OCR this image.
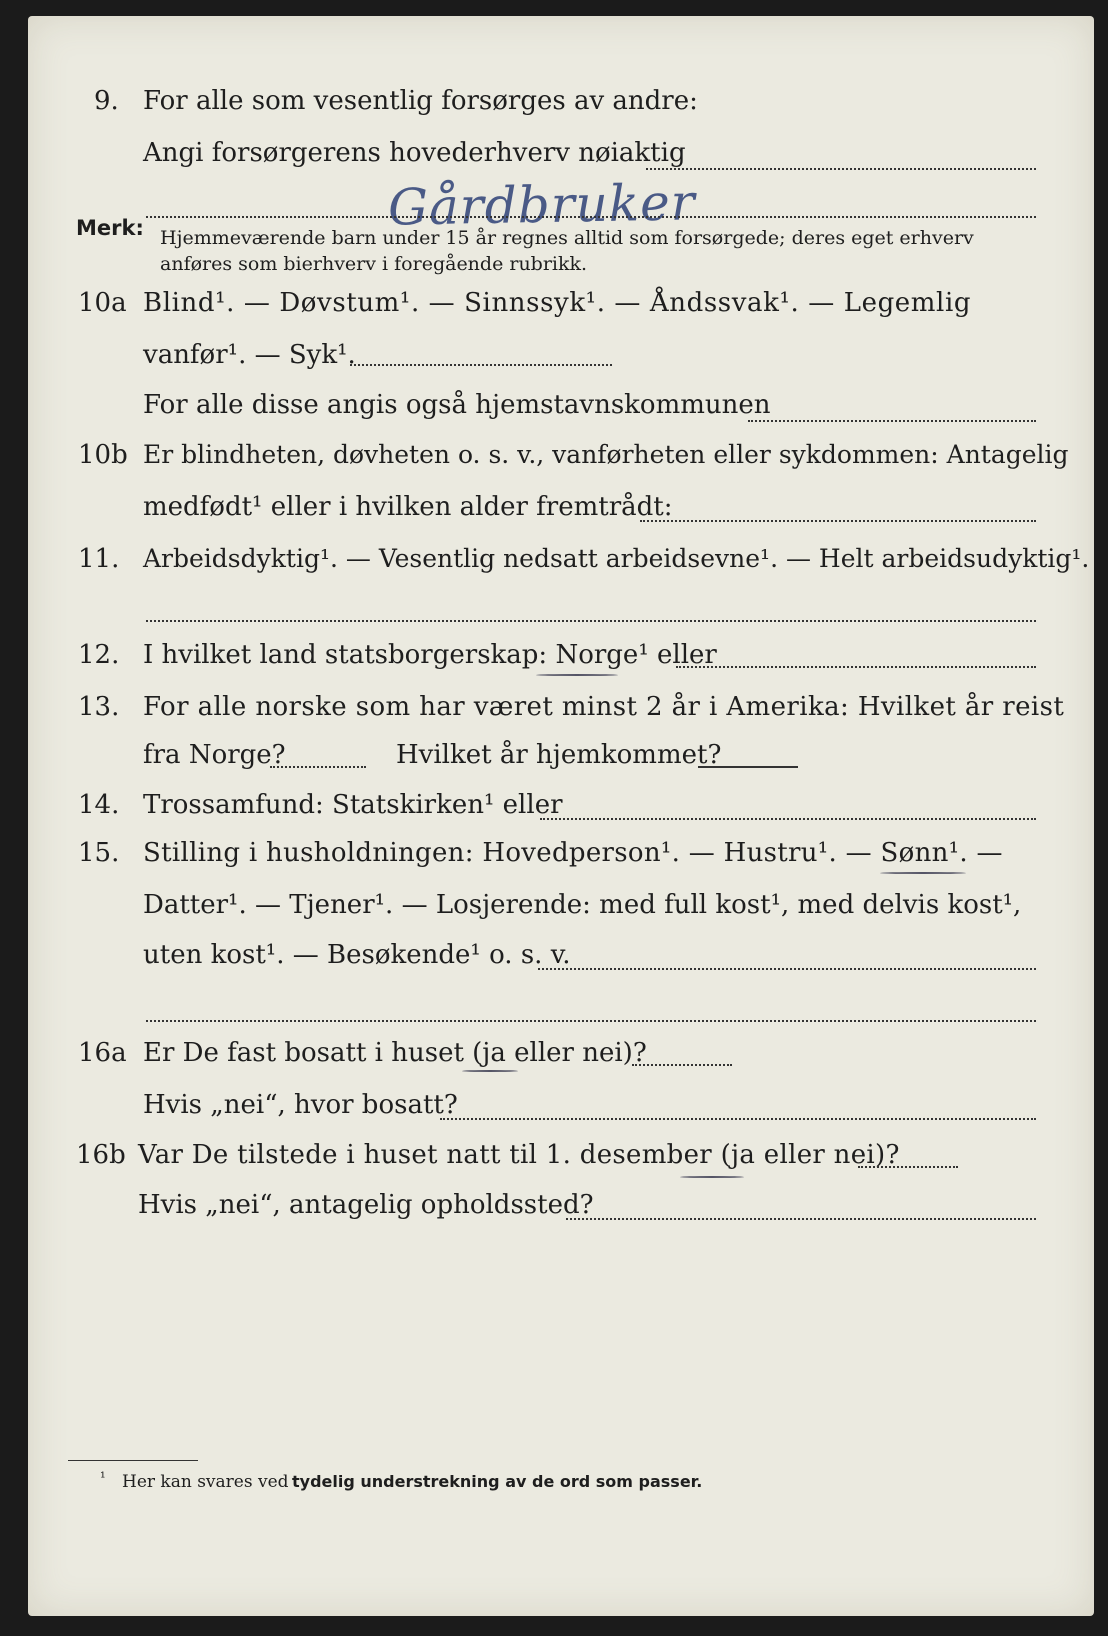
9. For alle som vesentlig forsørges av andre:
Angi forsørgerens hovederhverv nøiaktig
Gårdbruker
Merk: Hjemmeværende barn under 15 år regnes alltid som forsørgede; deres eget erhverv
anføres som bierhverv i foregående rubrikk.
10a Blind¹. — Døvstum¹. — Sinnssyk¹. — Åndssvak¹. — Legemlig
vanfør¹. — Syk¹.
For alle disse angis også hjemstavnskommunen
10b Er blindheten, døvheten o. s. v., vanførheten eller sykdommen: Antagelig
medfødt¹ eller i hvilken alder fremtrådt:
11. Arbeidsdyktig¹. — Vesentlig nedsatt arbeidsevne¹. — Helt arbeidsudyktig¹.
12. I hvilket land statsborgerskap: Norge¹ eller
13. For alle norske som har været minst 2 år i Amerika: Hvilket år reist
fra Norge?	Hvilket år hjemkommet?
14. Trossamfund: Statskirken¹ eller
15. Stilling i husholdningen: Hovedperson¹. — Hustru¹. — Sønn¹. —
Datter¹. — Tjener¹. — Losjerende: med full kost¹, med delvis kost¹,
uten kost¹. — Besøkende¹ o. s. v.
16a Er De fast bosatt i huset (ja eller nei)?
Hvis „nei“, hvor bosatt?
16b Var De tilstede i huset natt til 1. desember (ja eller nei)?
Hvis „nei“, antagelig opholdssted?
¹ Her kan svares ved tydelig understrekning av de ord som passer.
